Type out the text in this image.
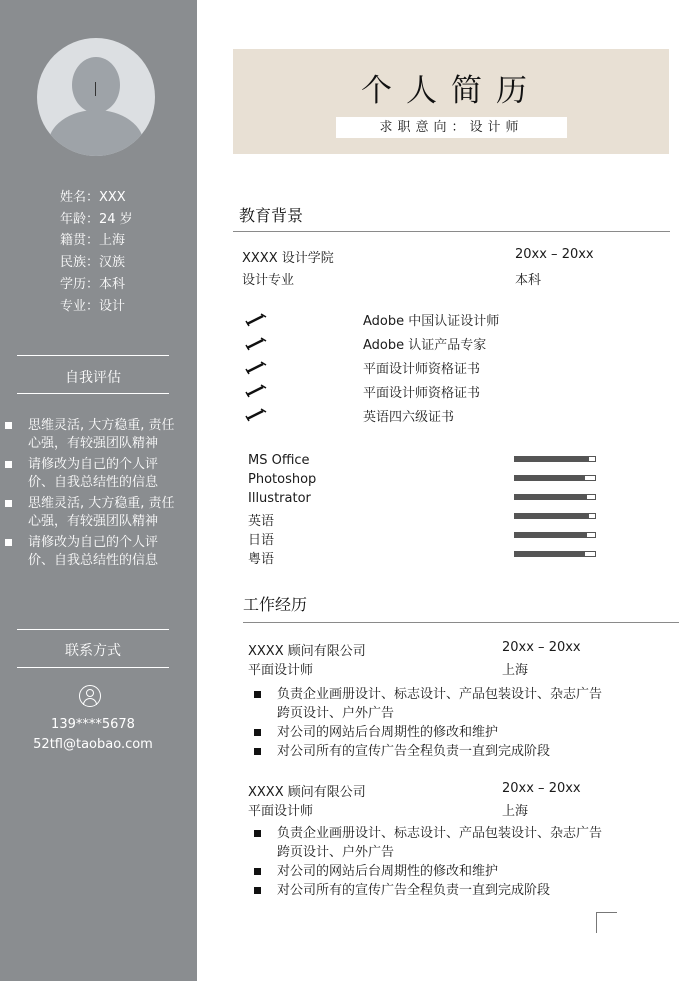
姓名：XXX
年龄：24 岁
籍贯：上海
民族：汉族
学历：本科
专业：设计
自我评估
思维灵活, 大方稳重, 责任
心强，有较强团队精神
请修改为自己的个人评
价、自我总结性的信息
思维灵活, 大方稳重, 责任
心强，有较强团队精神
请修改为自己的个人评
价、自我总结性的信息
联系方式
139****5678
52tfl@taobao.com
个人简历
求职意向：设计师
教育背景
XXXX 设计学院	20xx – 20xx
设计专业	本科
Adobe 中国认证设计师
Adobe 认证产品专家
平面设计师资格证书
平面设计师资格证书
英语四六级证书
MS Office
Photoshop
Illustrator
英语
日语
粤语
工作经历
XXXX 顾问有限公司	20xx – 20xx
平面设计师	上海
负责企业画册设计、标志设计、产品包装设计、杂志广告
跨页设计、户外广告
对公司的网站后台周期性的修改和维护
对公司所有的宣传广告全程负责一直到完成阶段
XXXX 顾问有限公司	20xx – 20xx
平面设计师	上海
负责企业画册设计、标志设计、产品包装设计、杂志广告
跨页设计、户外广告
对公司的网站后台周期性的修改和维护
对公司所有的宣传广告全程负责一直到完成阶段
